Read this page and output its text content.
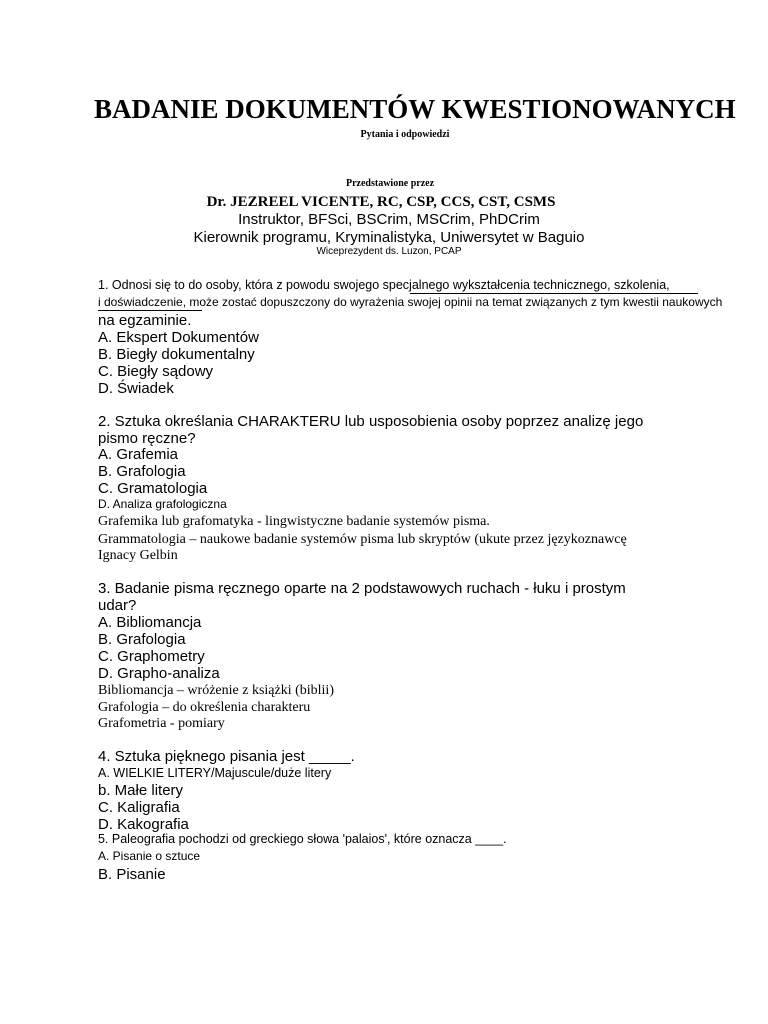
BADANIE DOKUMENTÓW KWESTIONOWANYCH
Pytania i odpowiedzi
Przedstawione przez
Dr. JEZREEL VICENTE, RC, CSP, CCS, CST, CSMS
Instruktor, BFSci, BSCrim, MSCrim, PhDCrim
Kierownik programu, Kryminalistyka, Uniwersytet w Baguio
Wiceprezydent ds. Luzon, PCAP
1. Odnosi się to do osoby, która z powodu swojego specjalnego wykształcenia technicznego, szkolenia,
i doświadczenie, może zostać dopuszczony do wyrażenia swojej opinii na temat związanych z tym kwestii naukowych
na egzaminie.
A. Ekspert Dokumentów
B. Biegły dokumentalny
C. Biegły sądowy
D. Świadek
2. Sztuka określania CHARAKTERU lub usposobienia osoby poprzez analizę jego
pismo ręczne?
A. Grafemia
B. Grafologia
C. Gramatologia
D. Analiza grafologiczna
Grafemika lub grafomatyka - lingwistyczne badanie systemów pisma.
Grammatologia – naukowe badanie systemów pisma lub skryptów (ukute przez językoznawcę
Ignacy Gelbin
3. Badanie pisma ręcznego oparte na 2 podstawowych ruchach - łuku i prostym
udar?
A. Bibliomancja
B. Grafologia
C. Graphometry
D. Grapho-analiza
Bibliomancja – wróżenie z książki (biblii)
Grafologia – do określenia charakteru
Grafometria - pomiary
4. Sztuka pięknego pisania jest _____.
A. WIELKIE LITERY/Majuscule/duże litery
b. Małe litery
C. Kaligrafia
D. Kakografia
5. Paleografia pochodzi od greckiego słowa 'palaios', które oznacza ____.
A. Pisanie o sztuce
B. Pisanie
